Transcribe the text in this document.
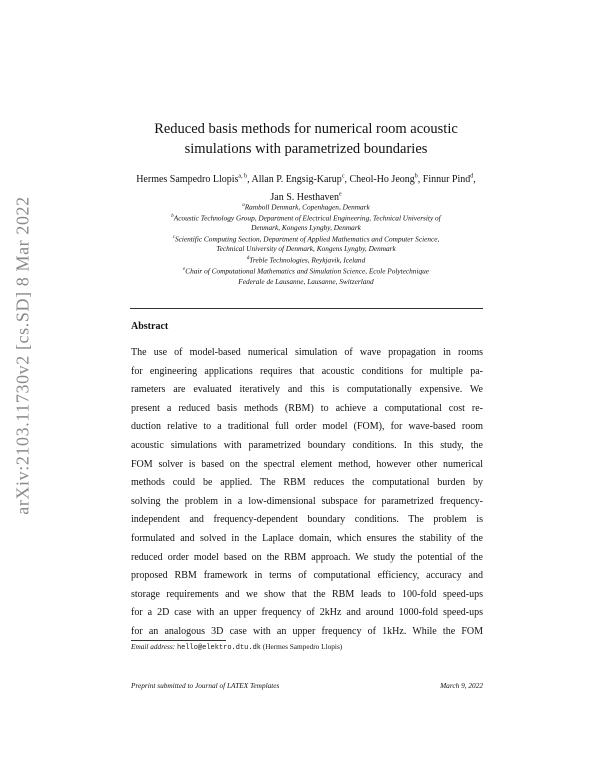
arXiv:2103.11730v2 [cs.SD] 8 Mar 2022
Reduced basis methods for numerical room acoustic
simulations with parametrized boundaries
Hermes Sampedro Llopis$^{a, b}$, Allan P. Engsig-Karup$^c$, Cheol-Ho Jeong$^b$, Finnur Pind$^d$, Jan S. Hesthaven$^e$
$^a$Ramboll Denmark, Copenhagen, Denmark
$^b$Acoustic Technology Group, Department of Electrical Engineering, Technical University of
Denmark, Kongens Lyngby, Denmark
$^c$Scientific Computing Section, Department of Applied Mathematics and Computer Science,
Technical University of Denmark, Kongens Lyngby, Denmark
$^d$Treble Technologies, Reykjavik, Iceland
$^e$Chair of Computational Mathematics and Simulation Science, Ecole Polytechnique
Federale de Lausanne, Lausanne, Switzerland
Abstract
The use of model-based numerical simulation of wave propagation in rooms
for engineering applications requires that acoustic conditions for multiple pa-
rameters are evaluated iteratively and this is computationally expensive. We
present a reduced basis methods (RBM) to achieve a computational cost re-
duction relative to a traditional full order model (FOM), for wave-based room
acoustic simulations with parametrized boundary conditions. In this study, the
FOM solver is based on the spectral element method, however other numerical
methods could be applied. The RBM reduces the computational burden by
solving the problem in a low-dimensional subspace for parametrized frequency-
independent and frequency-dependent boundary conditions. The problem is
formulated and solved in the Laplace domain, which ensures the stability of the
reduced order model based on the RBM approach. We study the potential of the
proposed RBM framework in terms of computational efficiency, accuracy and
storage requirements and we show that the RBM leads to 100-fold speed-ups
for a 2D case with an upper frequency of 2kHz and around 1000-fold speed-ups
for an analogous 3D case with an upper frequency of 1kHz. While the FOM
Email address: hello@elektro.dtu.dk (Hermes Sampedro Llopis)
Preprint submitted to Journal of LATEX Templates	March 9, 2022
